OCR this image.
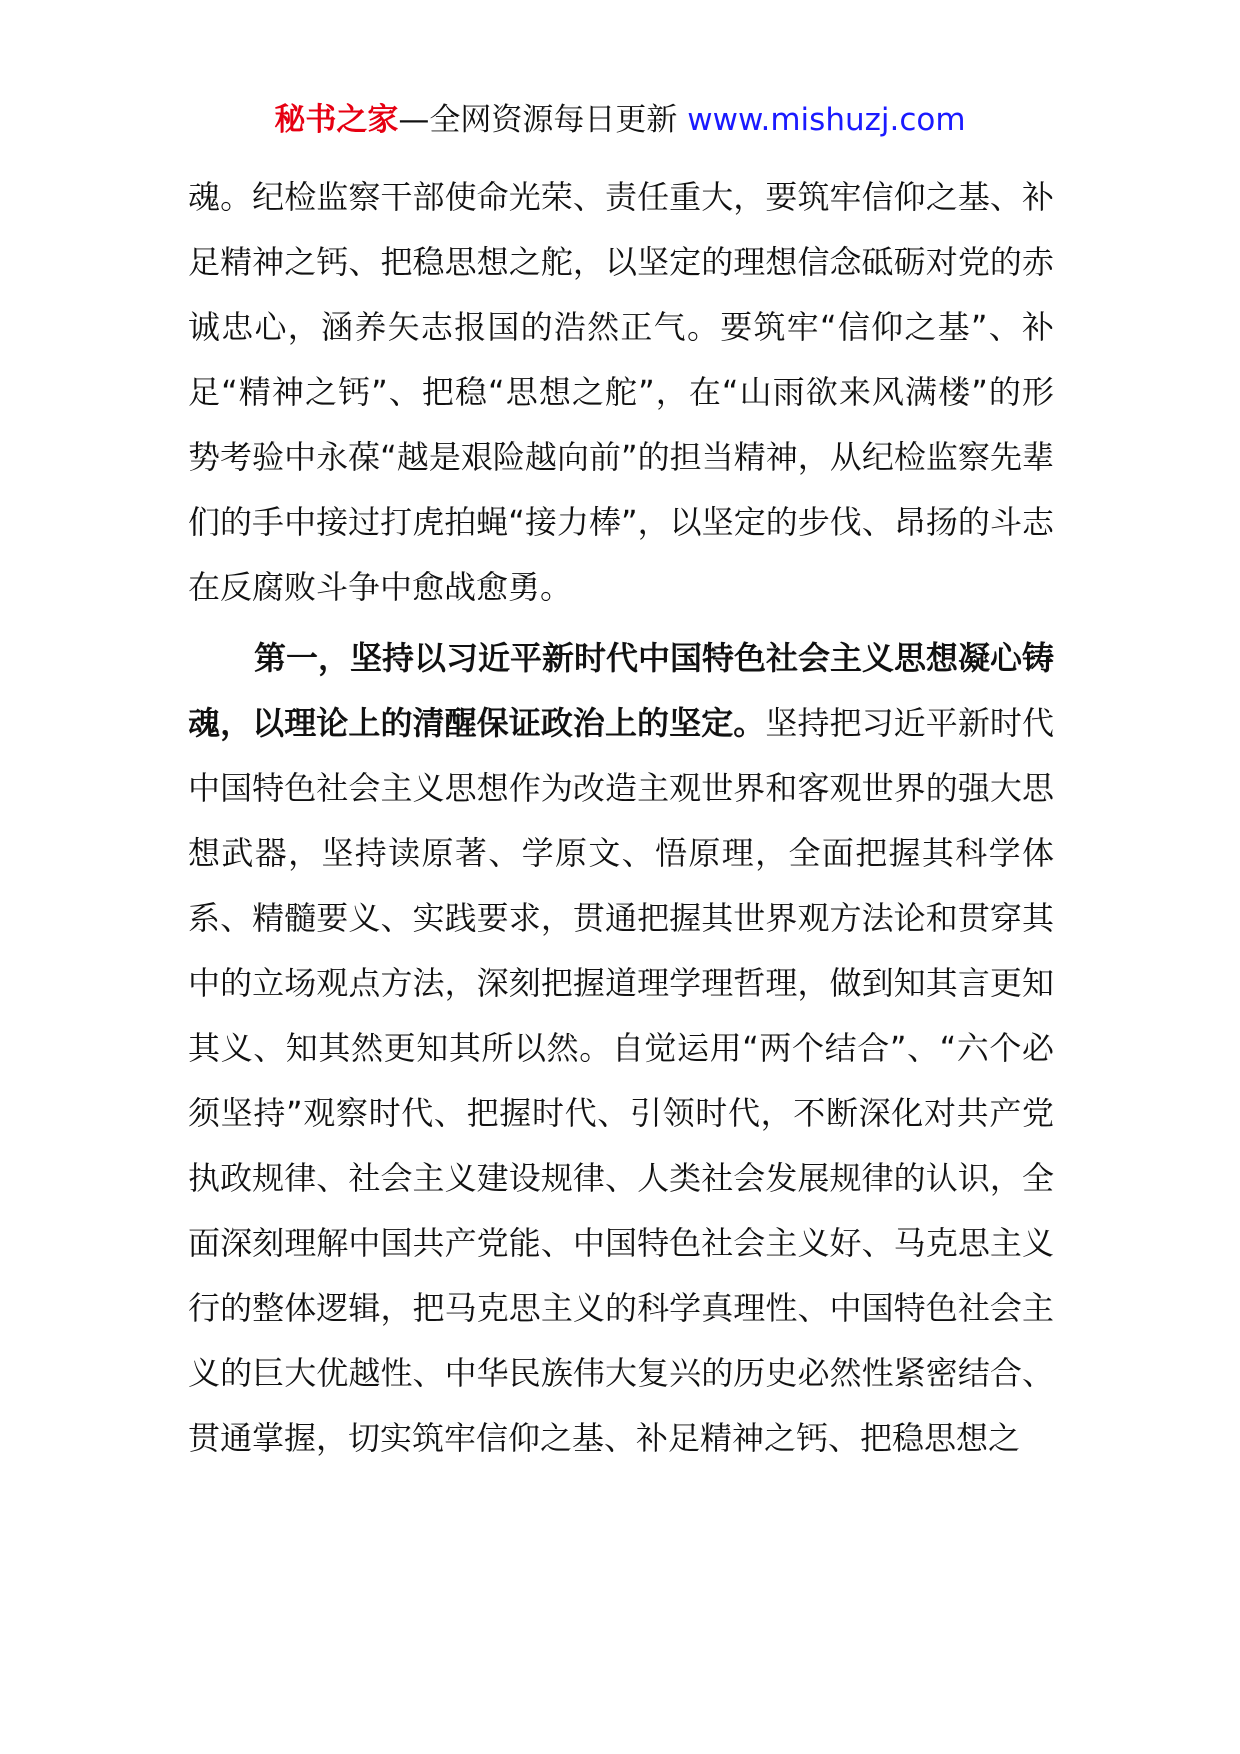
秘书之家—全网资源每日更新 www.mishuzj.com

魂。纪检监察干部使命光荣、责任重大，要筑牢信仰之基、补足精神之钙、把稳思想之舵，以坚定的理想信念砥砺对党的赤诚忠心，涵养矢志报国的浩然正气。要筑牢“信仰之基”、补足“精神之钙”、把稳“思想之舵”，在“山雨欲来风满楼”的形势考验中永葆“越是艰险越向前”的担当精神，从纪检监察先辈们的手中接过打虎拍蝇“接力棒”，以坚定的步伐、昂扬的斗志在反腐败斗争中愈战愈勇。

第一，坚持以习近平新时代中国特色社会主义思想凝心铸魂，以理论上的清醒保证政治上的坚定。坚持把习近平新时代中国特色社会主义思想作为改造主观世界和客观世界的强大思想武器，坚持读原著、学原文、悟原理，全面把握其科学体系、精髓要义、实践要求，贯通把握其世界观方法论和贯穿其中的立场观点方法，深刻把握道理学理哲理，做到知其言更知其义、知其然更知其所以然。自觉运用“两个结合”、“六个必须坚持”观察时代、把握时代、引领时代，不断深化对共产党执政规律、社会主义建设规律、人类社会发展规律的认识，全面深刻理解中国共产党能、中国特色社会主义好、马克思主义行的整体逻辑，把马克思主义的科学真理性、中国特色社会主义的巨大优越性、中华民族伟大复兴的历史必然性紧密结合、贯通掌握，切实筑牢信仰之基、补足精神之钙、把稳思想之
